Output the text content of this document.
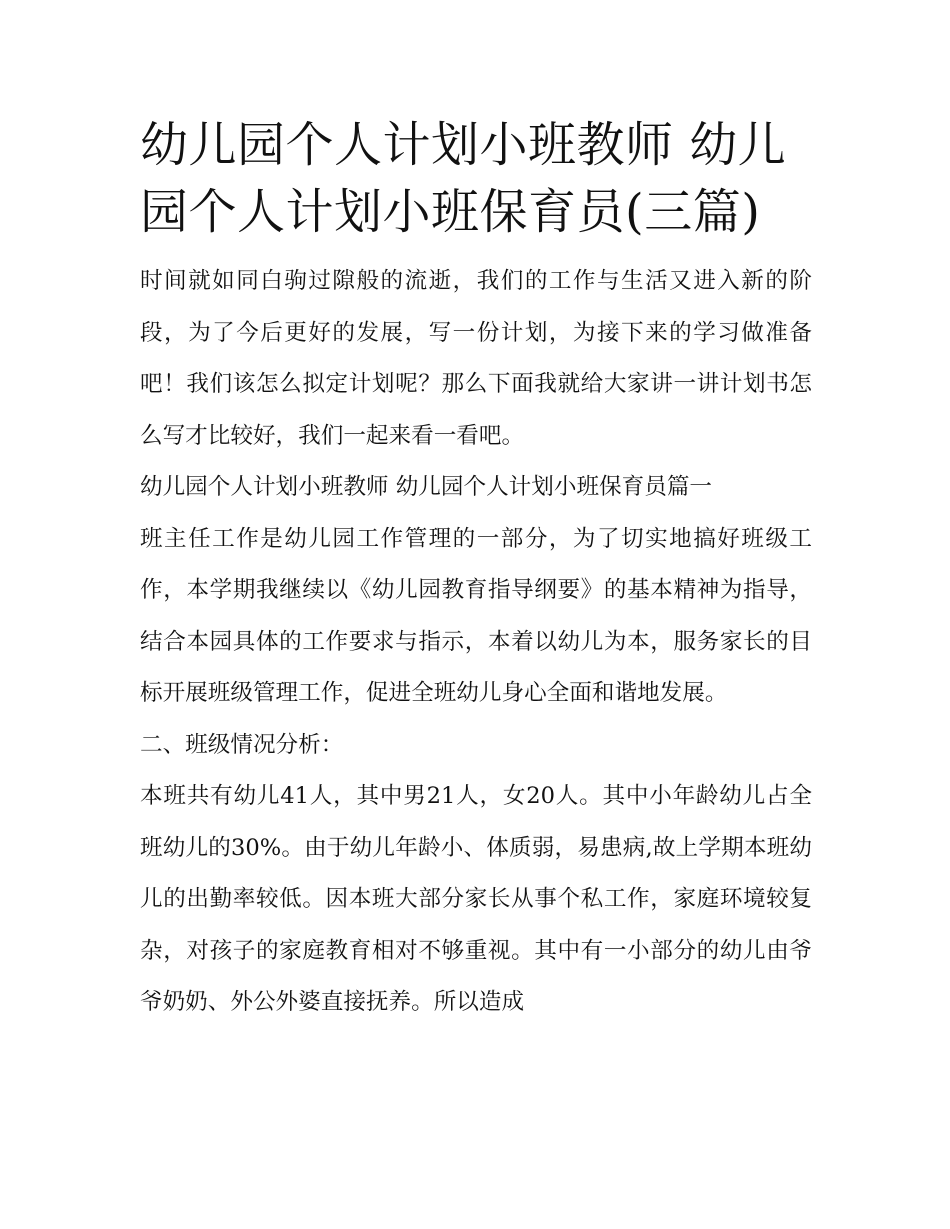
幼儿园个人计划小班教师 幼儿园个人计划小班保育员(三篇)

时间就如同白驹过隙般的流逝，我们的工作与生活又进入新的阶段，为了今后更好的发展，写一份计划，为接下来的学习做准备吧！我们该怎么拟定计划呢？那么下面我就给大家讲一讲计划书怎么写才比较好，我们一起来看一看吧。

幼儿园个人计划小班教师 幼儿园个人计划小班保育员篇一

班主任工作是幼儿园工作管理的一部分，为了切实地搞好班级工作，本学期我继续以《幼儿园教育指导纲要》的基本精神为指导，结合本园具体的工作要求与指示，本着以幼儿为本，服务家长的目标开展班级管理工作，促进全班幼儿身心全面和谐地发展。

二、班级情况分析：

本班共有幼儿41人，其中男21人，女20人。其中小年龄幼儿占全班幼儿的30%。由于幼儿年龄小、体质弱，易患病,故上学期本班幼儿的出勤率较低。因本班大部分家长从事个私工作，家庭环境较复杂，对孩子的家庭教育相对不够重视。其中有一小部分的幼儿由爷爷奶奶、外公外婆直接抚养。所以造成
